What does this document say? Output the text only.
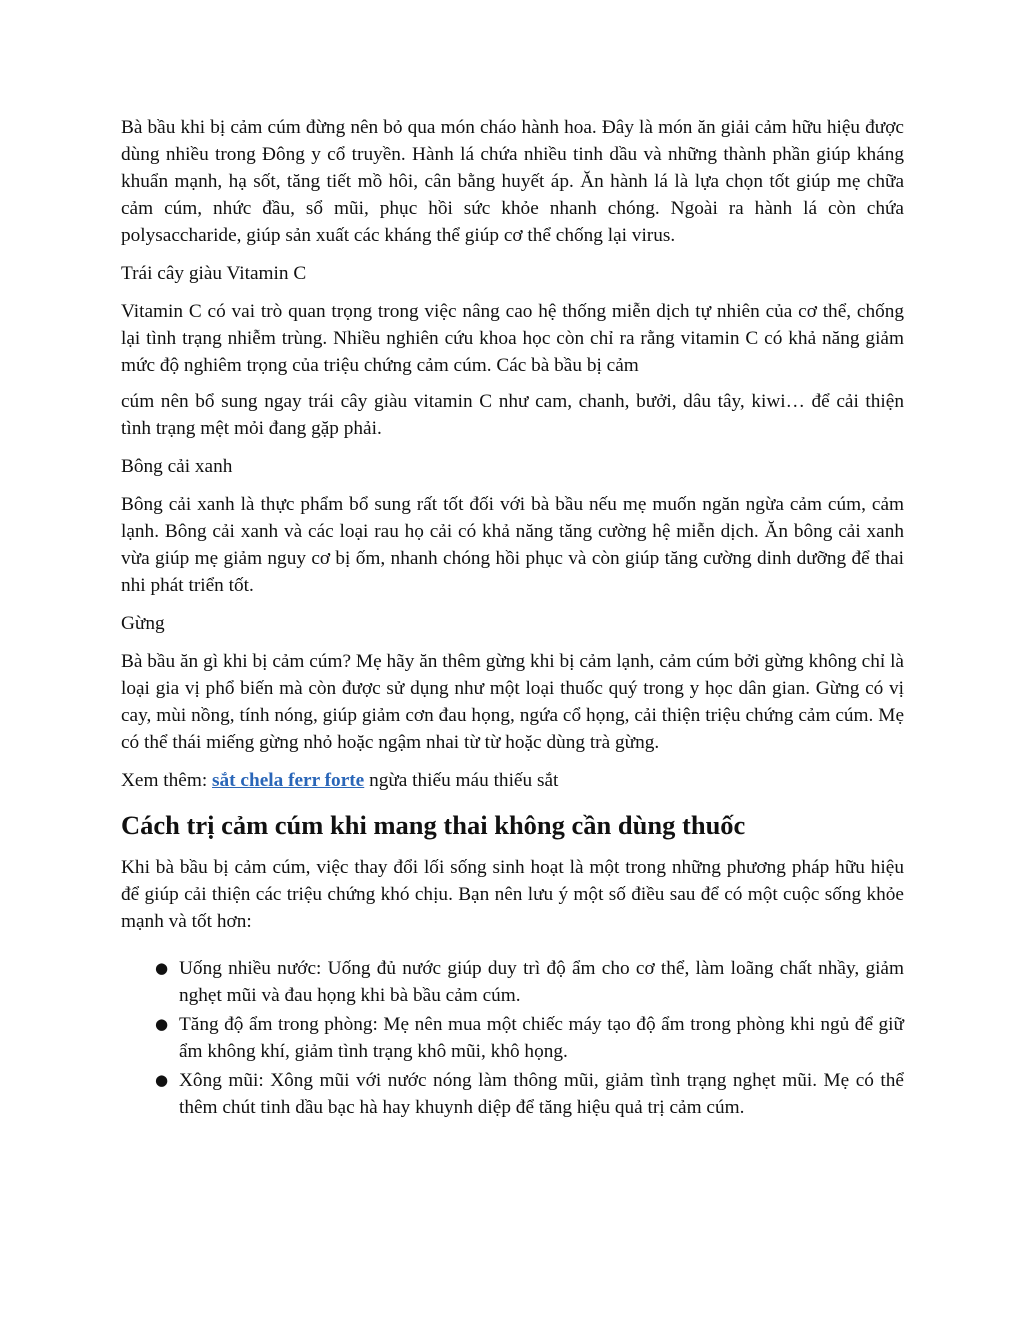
Bà bầu khi bị cảm cúm đừng nên bỏ qua món cháo hành hoa. Đây là món ăn giải cảm hữu hiệu được dùng nhiều trong Đông y cổ truyền. Hành lá chứa nhiều tinh dầu và những thành phần giúp kháng khuẩn mạnh, hạ sốt, tăng tiết mồ hôi, cân bằng huyết áp. Ăn hành lá là lựa chọn tốt giúp mẹ chữa cảm cúm, nhức đầu, sổ mũi, phục hồi sức khỏe nhanh chóng. Ngoài ra hành lá còn chứa polysaccharide, giúp sản xuất các kháng thể giúp cơ thể chống lại virus.

Trái cây giàu Vitamin C

Vitamin C có vai trò quan trọng trong việc nâng cao hệ thống miễn dịch tự nhiên của cơ thể, chống lại tình trạng nhiễm trùng. Nhiều nghiên cứu khoa học còn chỉ ra rằng vitamin C có khả năng giảm mức độ nghiêm trọng của triệu chứng cảm cúm. Các bà bầu bị cảm

cúm nên bổ sung ngay trái cây giàu vitamin C như cam, chanh, bưởi, dâu tây, kiwi… để cải thiện tình trạng mệt mỏi đang gặp phải.

Bông cải xanh

Bông cải xanh là thực phẩm bổ sung rất tốt đối với bà bầu nếu mẹ muốn ngăn ngừa cảm cúm, cảm lạnh. Bông cải xanh và các loại rau họ cải có khả năng tăng cường hệ miễn dịch. Ăn bông cải xanh vừa giúp mẹ giảm nguy cơ bị ốm, nhanh chóng hồi phục và còn giúp tăng cường dinh dưỡng để thai nhi phát triển tốt.

Gừng

Bà bầu ăn gì khi bị cảm cúm? Mẹ hãy ăn thêm gừng khi bị cảm lạnh, cảm cúm bởi gừng không chỉ là loại gia vị phổ biến mà còn được sử dụng như một loại thuốc quý trong y học dân gian. Gừng có vị cay, mùi nồng, tính nóng, giúp giảm cơn đau họng, ngứa cổ họng, cải thiện triệu chứng cảm cúm. Mẹ có thể thái miếng gừng nhỏ hoặc ngậm nhai từ từ hoặc dùng trà gừng.

Xem thêm: sắt chela ferr forte ngừa thiếu máu thiếu sắt

Cách trị cảm cúm khi mang thai không cần dùng thuốc

Khi bà bầu bị cảm cúm, việc thay đổi lối sống sinh hoạt là một trong những phương pháp hữu hiệu để giúp cải thiện các triệu chứng khó chịu. Bạn nên lưu ý một số điều sau để có một cuộc sống khỏe mạnh và tốt hơn:

● Uống nhiều nước: Uống đủ nước giúp duy trì độ ẩm cho cơ thể, làm loãng chất nhầy, giảm nghẹt mũi và đau họng khi bà bầu cảm cúm.
● Tăng độ ẩm trong phòng: Mẹ nên mua một chiếc máy tạo độ ẩm trong phòng khi ngủ để giữ ẩm không khí, giảm tình trạng khô mũi, khô họng.
● Xông mũi: Xông mũi với nước nóng làm thông mũi, giảm tình trạng nghẹt mũi. Mẹ có thể thêm chút tinh dầu bạc hà hay khuynh diệp để tăng hiệu quả trị cảm cúm.
